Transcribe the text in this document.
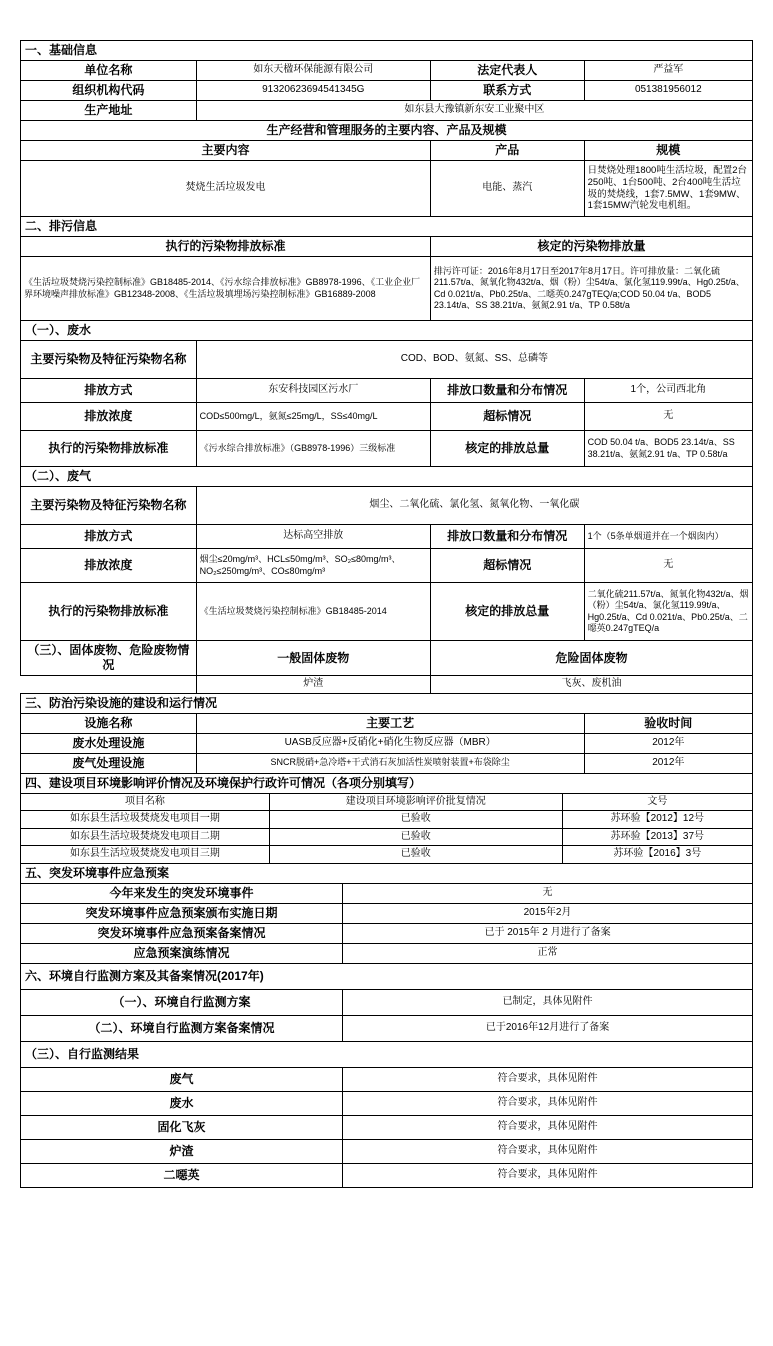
一、基础信息			
单位名称	如东天楹环保能源有限公司	法定代表人	严益军
组织机构代码	91320623694541345G	联系方式	051381956012
生产地址	如东县大豫镇新东安工业聚中区		
生产经营和管理服务的主要内容、产品及规模			
主要内容		产品	规模
焚烧生活垃圾发电		电能、蒸汽	日焚烧处理1800吨生活垃圾，配置2台250吨、1台500吨、2台400吨生活垃圾的焚烧线，1套7.5MW、1套9MW、1套15MW汽轮发电机组。
二、排污信息			
执行的污染物排放标准		核定的污染物排放量	
《生活垃圾焚烧污染控制标准》GB18485-2014、《污水综合排放标准》GB8978-1996、《工业企业厂界环境噪声排放标准》GB12348-2008、《生活垃圾填埋场污染控制标准》GB16889-2008		排污许可证：2016年8月17日至2017年8月17日。许可排放量：二氧化硫211.57t/a、氮氧化物432t/a、烟（粉）尘54t/a、氯化氢119.99t/a、Hg0.25t/a、Cd 0.021t/a、Pb0.25t/a、二噁英0.247gTEQ/a;COD 50.04 t/a、BOD5 23.14t/a、SS 38.21t/a、氨氮2.91 t/a、TP 0.58t/a	
（一）、废水			
主要污染物及特征污染物名称	COD、BOD、氨氮、SS、总磷等		
排放方式	东安科技园区污水厂	排放口数量和分布情况	1个，公司西北角
排放浓度	COD≤500mg/L，氨氮≤25mg/L，SS≤40mg/L	超标情况	无
执行的污染物排放标准	《污水综合排放标准》（GB8978-1996）三级标准	核定的排放总量	COD 50.04 t/a、BOD5 23.14t/a、SS 38.21t/a、氨氮2.91 t/a、TP 0.58t/a
（二）、废气			
主要污染物及特征污染物名称	烟尘、二氧化硫、氯化氢、氮氧化物、一氧化碳		
排放方式	达标高空排放	排放口数量和分布情况	1个（5条单烟道并在一个烟囱内）
排放浓度	烟尘≤20mg/m³、HCL≤50mg/m³、SO₂≤80mg/m³、NO₂≤250mg/m³、CO≤80mg/m³	超标情况	无
执行的污染物排放标准	《生活垃圾焚烧污染控制标准》GB18485-2014	核定的排放总量	二氧化硫211.57t/a、氮氧化物432t/a、烟（粉）尘54t/a、氯化氢119.99t/a、Hg0.25t/a、Cd 0.021t/a、Pb0.25t/a、二噁英0.247gTEQ/a
（三）、固体废物、危险废物情况	一般固体废物	危险固体废物	
	炉渣	飞灰、废机油	
三、防治污染设施的建设和运行情况		
设施名称	主要工艺	验收时间
废水处理设施	UASB反应器+反硝化+硝化生物反应器（MBR）	2012年
废气处理设施	SNCR脱硝+急冷塔+干式消石灰加活性炭喷射装置+布袋除尘	2012年
四、建设项目环境影响评价情况及环境保护行政许可情况（各项分别填写）		
项目名称	建设项目环境影响评价批复情况	文号
如东县生活垃圾焚烧发电项目一期	已验收	苏环验【2012】12号
如东县生活垃圾焚烧发电项目二期	已验收	苏环验【2013】37号
如东县生活垃圾焚烧发电项目三期	已验收	苏环验【2016】3号
五、突发环境事件应急预案	
今年来发生的突发环境事件	无
突发环境事件应急预案颁布实施日期	2015年2月
突发环境事件应急预案备案情况	已于 2015年 2 月进行了备案
应急预案演练情况	正常
六、环境自行监测方案及其备案情况(2017年)	
（一）、环境自行监测方案	已制定，具体见附件
（二）、环境自行监测方案备案情况	已于2016年12月进行了备案
（三）、自行监测结果	
废气	符合要求，具体见附件
废水	符合要求，具体见附件
固化飞灰	符合要求，具体见附件
炉渣	符合要求，具体见附件
二噁英	符合要求，具体见附件
